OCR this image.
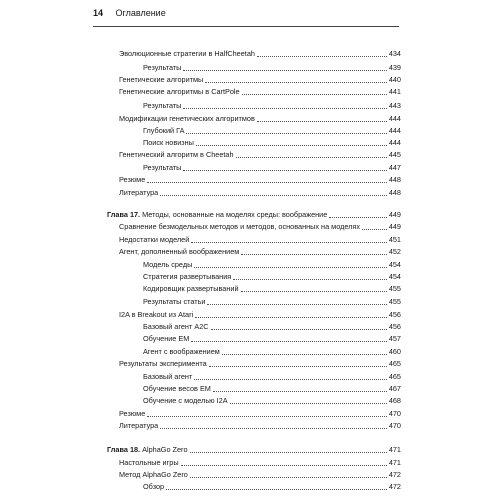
14 Оглавление
Эволюционные стратегии в HalfCheetah	434
Результаты	439
Генетические алгоритмы	440
Генетические алгоритмы в CartPole	441
Результаты	443
Модификации генетических алгоритмов	444
Глубокий ГА	444
Поиск новизны	444
Генетический алгоритм в Cheetah	445
Результаты	447
Резюме	448
Литература	448
Глава 17. Методы, основанные на моделях среды: воображение	449
Сравнение безмодельных методов и методов, основанных на моделях	449
Недостатки моделей	451
Агент, дополненный воображением	452
Модель среды	454
Стратегия развертывания	454
Кодировщик развертываний	455
Результаты статьи	455
I2A в Breakout из Atari	456
Базовый агент A2C	456
Обучение EM	457
Агент с воображением	460
Результаты эксперимента	465
Базовый агент	465
Обучение весов EM	467
Обучение с моделью I2A	468
Резюме	470
Литература	470
Глава 18. AlphaGo Zero	471
Настольные игры	471
Метод AlphaGo Zero	472
Обзор	472
